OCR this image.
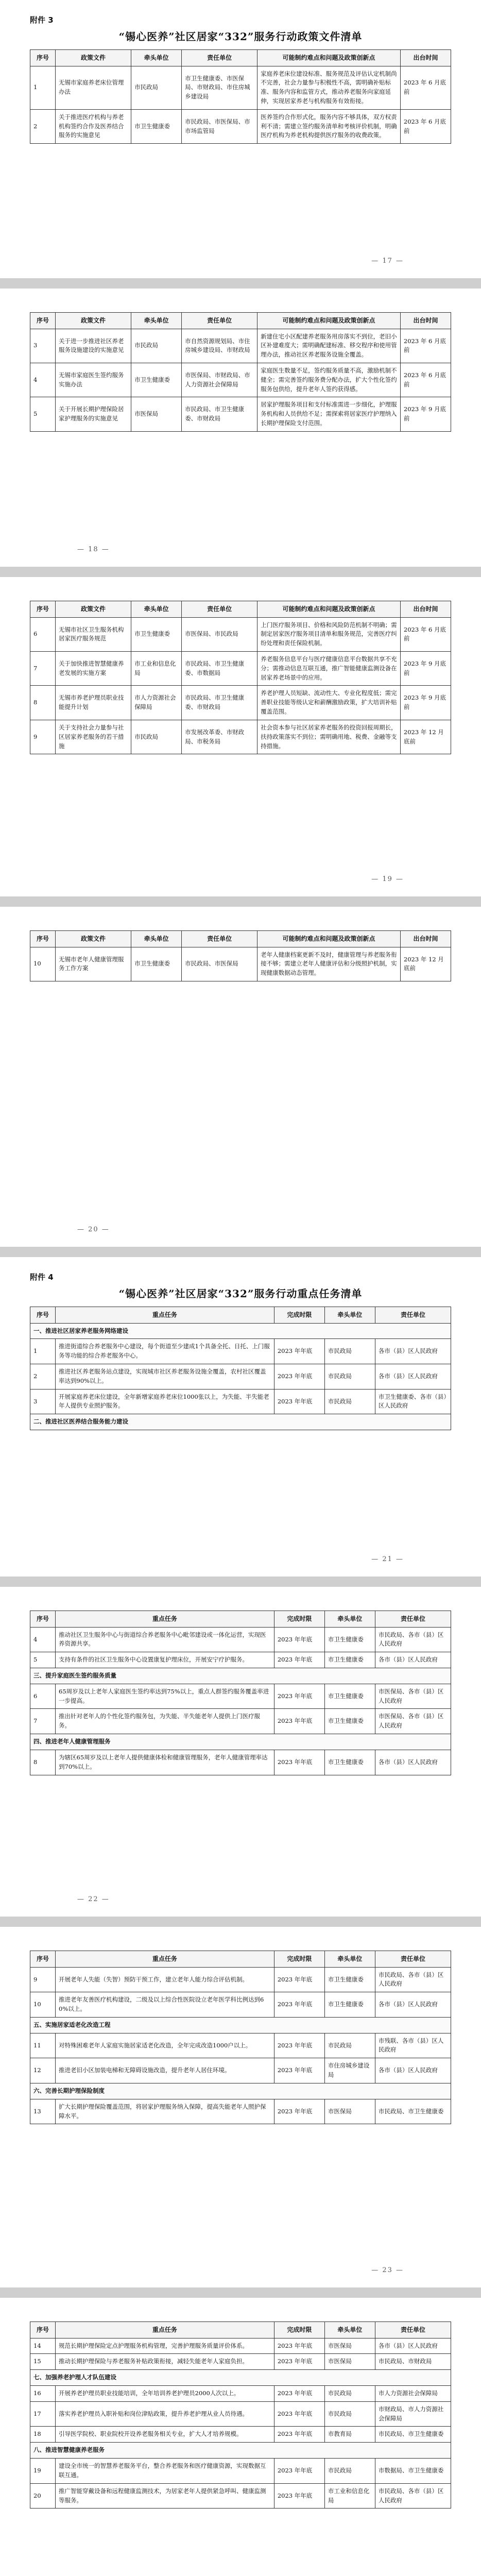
附件 3
“锡心医养”社区居家“332”服务行动政策文件清单
序号	政策文件	牵头单位	责任单位	可能制约难点和问题及政策创新点	出台时间
1	无锡市家庭养老床位管理办法	市民政局	市卫生健康委、市医保局、市财政局、市住房城乡建设局	家庭养老床位建设标准、服务规范及评估认定机制尚不完善，社会力量参与积极性不高，需明确补贴标准、服务内容和监管方式，推动养老服务向家庭延伸，实现居家养老与机构服务有效衔接。	2023 年 6 月底前
2	关于推进医疗机构与养老机构签约合作及医养结合服务的实施意见	市卫生健康委	市民政局、市医保局、市市场监管局	医养签约合作形式化，服务内容不够具体，双方权责利不清；需建立签约服务清单和考核评价机制，明确医疗机构为养老机构提供医疗服务的收费政策。	2023 年 6 月底前
— 17 —
序号	政策文件	牵头单位	责任单位	可能制约难点和问题及政策创新点	出台时间
3	关于进一步推进社区养老服务设施建设的实施意见	市民政局	市自然资源规划局、市住房城乡建设局、市财政局	新建住宅小区配建养老服务用房落实不到位，老旧小区补建难度大；需明确配建标准、移交程序和使用管理办法，推动社区养老服务设施全覆盖。	2023 年 6 月底前
4	无锡市家庭医生签约服务实施办法	市卫生健康委	市医保局、市财政局、市人力资源社会保障局	家庭医生数量不足，签约服务质量不高，激励机制不健全；需完善签约服务费分配办法，扩大个性化签约服务包供给，提升老年人签约获得感。	2023 年 6 月底前
5	关于开展长期护理保险居家护理服务的实施意见	市医保局	市民政局、市卫生健康委、市财政局	居家护理服务项目和支付标准需进一步细化，护理服务机构和人员供给不足；需探索将居家医疗护理纳入长期护理保险支付范围。	2023 年 9 月底前
— 18 —
序号	政策文件	牵头单位	责任单位	可能制约难点和问题及政策创新点	出台时间
6	无锡市社区卫生服务机构居家医疗服务规范	市卫生健康委	市医保局、市民政局	上门医疗服务项目、价格和风险防范机制不明确；需制定居家医疗服务项目清单和服务规范，完善医疗纠纷处理和责任保险机制。	2023 年 6 月底前
7	关于加快推进智慧健康养老发展的实施方案	市工业和信息化局	市民政局、市卫生健康委、市数据局	养老服务信息平台与医疗健康信息平台数据共享不充分；需推动信息互联互通，推广智能健康监测设备在居家养老场景中的应用。	2023 年 9 月底前
8	无锡市养老护理员职业技能提升计划	市人力资源社会保障局	市民政局、市卫生健康委、市财政局	养老护理人员短缺、流动性大、专业化程度低；需完善职业技能等级认定和薪酬激励政策，扩大培训补贴覆盖范围。	2023 年 9 月底前
9	关于支持社会力量参与社区居家养老服务的若干措施	市民政局	市发展改革委、市财政局、市税务局	社会资本参与社区居家养老服务的投资回报周期长，扶持政策落实不到位；需明确用地、税费、金融等支持措施。	2023 年 12 月底前
— 19 —
序号	政策文件	牵头单位	责任单位	可能制约难点和问题及政策创新点	出台时间
10	无锡市老年人健康管理服务工作方案	市卫生健康委	市民政局、市医保局	老年人健康档案更新不及时，健康管理与养老服务衔接不够；需建立老年人健康评估和分级照护机制，实现健康数据动态管理。	2023 年 12 月底前
— 20 —
附件 4
“锡心医养”社区居家“332”服务行动重点任务清单
序号	重点任务	完成时限	牵头单位	责任单位
一、推进社区居家养老服务网络建设				
1	推进街道综合养老服务中心建设，每个街道至少建成1个具备全托、日托、上门服务等功能的综合养老服务中心。	2023 年年底	市民政局	各市（县）区人民政府
2	推进社区养老服务站点建设，实现城市社区养老服务设施全覆盖，农村社区覆盖率达到90%以上。	2023 年年底	市民政局	各市（县）区人民政府
3	开展家庭养老床位建设，全年新增家庭养老床位1000张以上，为失能、半失能老年人提供专业照护服务。	2023 年年底	市民政局	市卫生健康委、各市（县）区人民政府
二、推进社区医养结合服务能力建设				
— 21 —
序号	重点任务	完成时限	牵头单位	责任单位
4	推动社区卫生服务中心与街道综合养老服务中心毗邻建设或一体化运营，实现医养资源共享。	2023 年年底	市卫生健康委	市民政局、各市（县）区人民政府
5	支持有条件的社区卫生服务中心设置康复护理床位，开展安宁疗护服务。	2023 年年底	市卫生健康委	各市（县）区人民政府
三、提升家庭医生签约服务质量				
6	65周岁及以上老年人家庭医生签约率达到75%以上，重点人群签约服务覆盖率进一步提高。	2023 年年底	市卫生健康委	市医保局、各市（县）区人民政府
7	推出针对老年人的个性化签约服务包，为失能、半失能老年人提供上门医疗服务。	2023 年年底	市卫生健康委	市医保局、各市（县）区人民政府
四、推进老年人健康管理服务				
8	为辖区65周岁及以上老年人提供健康体检和健康管理服务，老年人健康管理率达到70%以上。	2023 年年底	市卫生健康委	各市（县）区人民政府
— 22 —
序号	重点任务	完成时限	牵头单位	责任单位
9	开展老年人失能（失智）预防干预工作，建立老年人能力综合评估机制。	2023 年年底	市卫生健康委	市民政局、各市（县）区人民政府
10	推进老年友善医疗机构建设，二级及以上综合性医院设立老年医学科比例达到60%以上。	2023 年年底	市卫生健康委	各市（县）区人民政府
五、实施居家适老化改造工程				
11	对特殊困难老年人家庭实施居家适老化改造，全年完成改造1000户以上。	2023 年年底	市民政局	市残联、各市（县）区人民政府
12	推进老旧小区加装电梯和无障碍设施改造，提升老年人居住环境。	2023 年年底	市住房城乡建设局	各市（县）区人民政府
六、完善长期护理保险制度				
13	扩大长期护理保险覆盖范围，将居家护理服务纳入保障，提高失能老年人照护保障水平。	2023 年年底	市医保局	市民政局、市卫生健康委
— 23 —
序号	重点任务	完成时限	牵头单位	责任单位
14	规范长期护理保险定点护理服务机构管理，完善护理服务质量评价体系。	2023 年年底	市医保局	各市（县）区人民政府
15	推动长期护理保险与养老服务补贴政策衔接，减轻失能老年人家庭负担。	2023 年年底	市医保局	市民政局、市财政局
七、加强养老护理人才队伍建设				
16	开展养老护理员职业技能培训，全年培训养老护理员2000人次以上。	2023 年年底	市民政局	市人力资源社会保障局
17	落实养老护理员入职补贴和岗位津贴政策，提升养老护理从业人员待遇。	2023 年年底	市民政局	市财政局、市人力资源社会保障局
18	引导医学院校、职业院校开设养老服务相关专业，扩大人才培养规模。	2023 年年底	市教育局	市民政局、市卫生健康委
八、推进智慧健康养老服务				
19	建设全市统一的智慧养老服务平台，整合养老服务和医疗健康资源，实现数据互联互通。	2023 年年底	市民政局	市数据局、市卫生健康委
20	推广智能穿戴设备和远程健康监测技术，为居家老年人提供紧急呼叫、健康监测等服务。	2023 年年底	市工业和信息化局	市民政局、各市（县）区人民政府
